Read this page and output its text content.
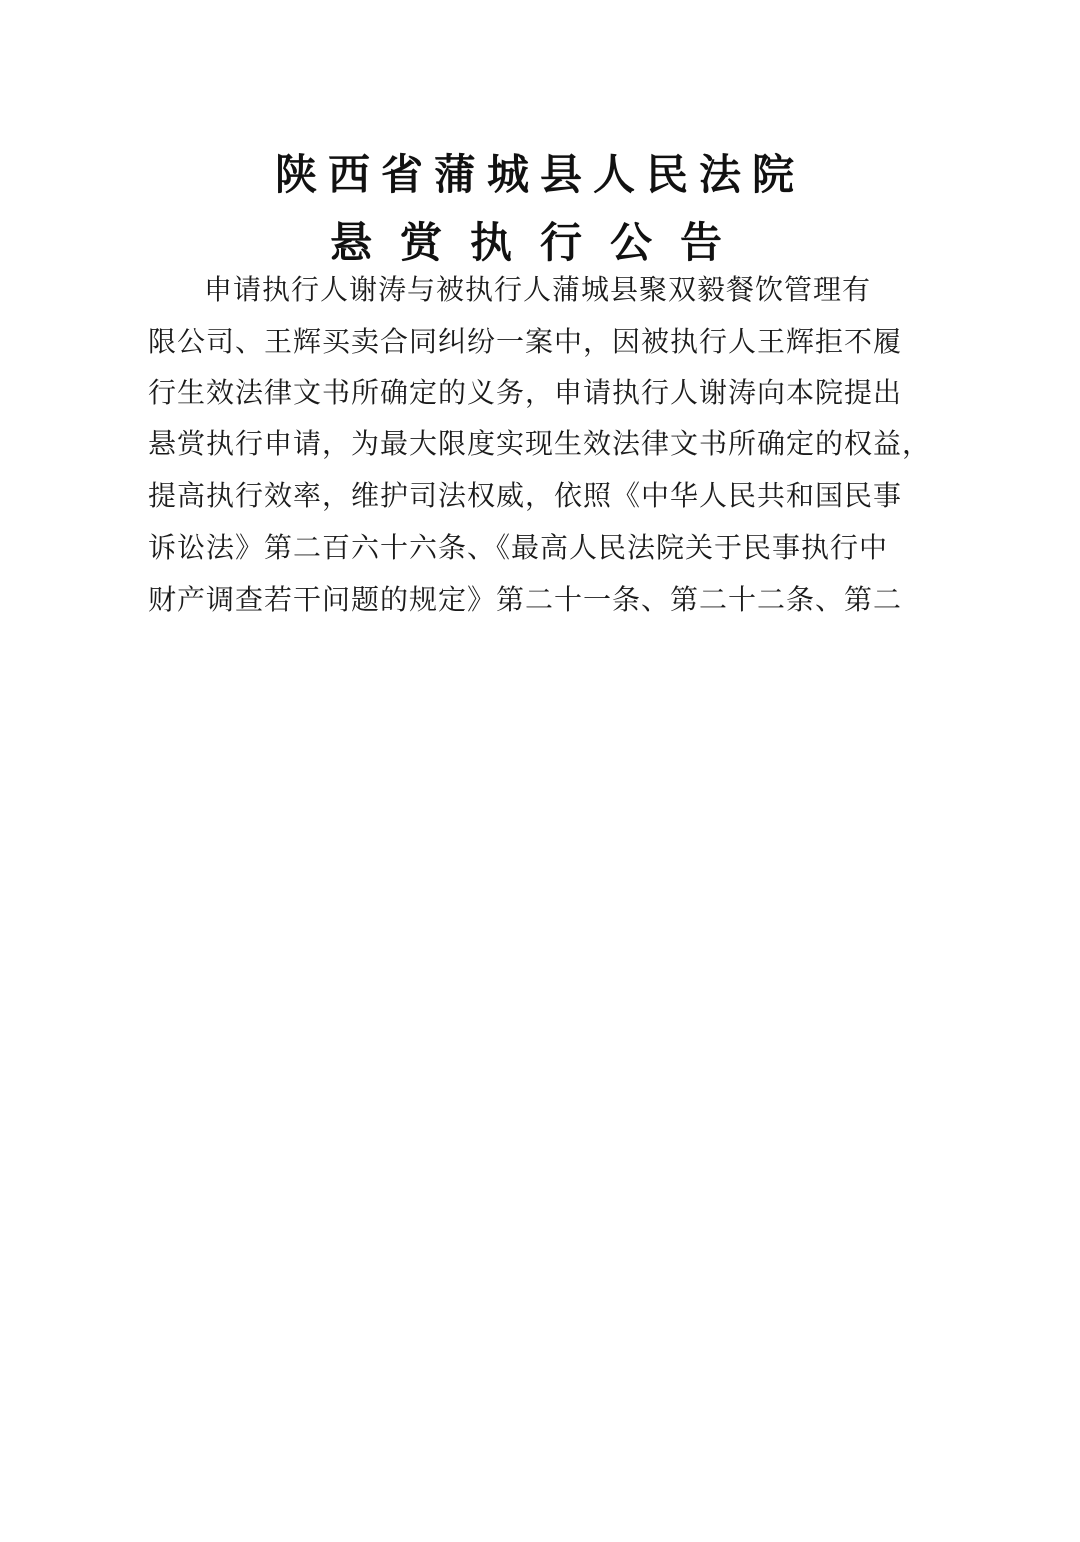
陕西省蒲城县人民法院
悬赏执行公告
申请执行人谢涛与被执行人蒲城县聚双毅餐饮管理有
限公司、王辉买卖合同纠纷一案中，因被执行人王辉拒不履
行生效法律文书所确定的义务，申请执行人谢涛向本院提出
悬赏执行申请，为最大限度实现生效法律文书所确定的权益，
提高执行效率，维护司法权威，依照《中华人民共和国民事
诉讼法》第二百六十六条、《最高人民法院关于民事执行中
财产调查若干问题的规定》第二十一条、第二十二条、第二
